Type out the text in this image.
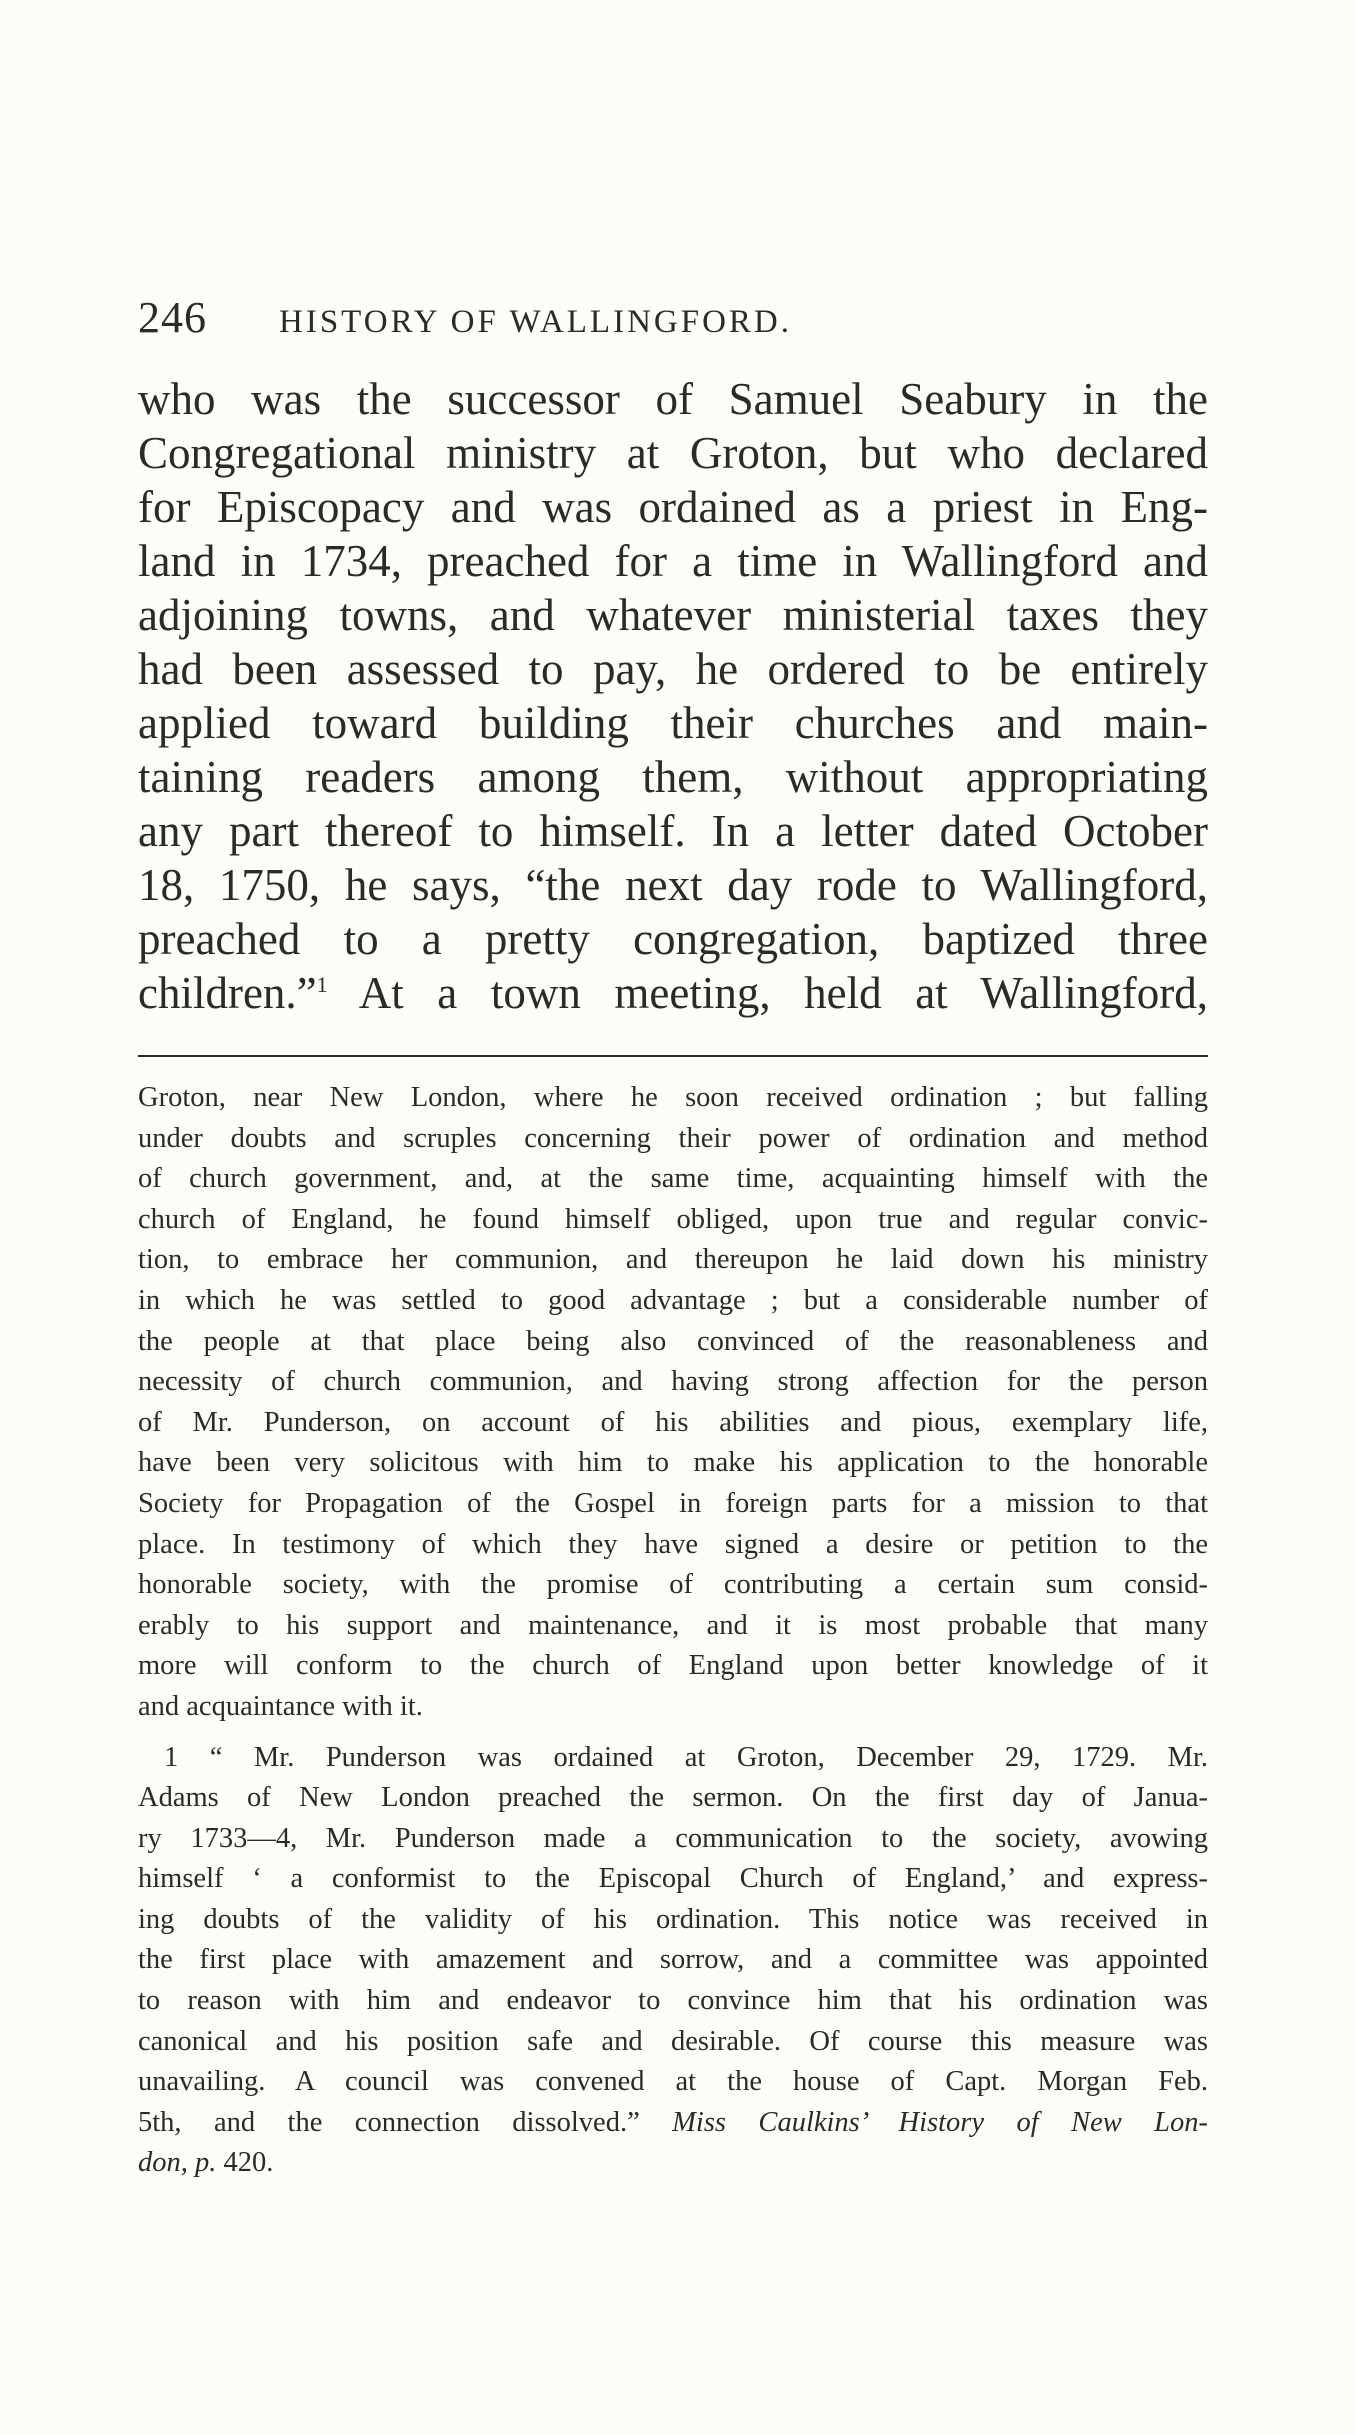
246 HISTORY OF WALLINGFORD.
who was the successor of Samuel Seabury in the
Congregational ministry at Groton, but who declared
for Episcopacy and was ordained as a priest in Eng-
land in 1734, preached for a time in Wallingford and
adjoining towns, and whatever ministerial taxes they
had been assessed to pay, he ordered to be entirely
applied toward building their churches and main-
taining readers among them, without appropriating
any part thereof to himself. In a letter dated October
18, 1750, he says, “the next day rode to Wallingford,
preached to a pretty congregation, baptized three
children.”$^1$ At a town meeting, held at Wallingford,
Groton, near New London, where he soon received ordination ; but falling
under doubts and scruples concerning their power of ordination and method
of church government, and, at the same time, acquainting himself with the
church of England, he found himself obliged, upon true and regular convic-
tion, to embrace her communion, and thereupon he laid down his ministry
in which he was settled to good advantage ; but a considerable number of
the people at that place being also convinced of the reasonableness and
necessity of church communion, and having strong affection for the person
of Mr. Punderson, on account of his abilities and pious, exemplary life,
have been very solicitous with him to make his application to the honorable
Society for Propagation of the Gospel in foreign parts for a mission to that
place. In testimony of which they have signed a desire or petition to the
honorable society, with the promise of contributing a certain sum consid-
erably to his support and maintenance, and it is most probable that many
more will conform to the church of England upon better knowledge of it
and acquaintance with it.
1 “ Mr. Punderson was ordained at Groton, December 29, 1729. Mr.
Adams of New London preached the sermon. On the first day of Janua-
ry 1733—4, Mr. Punderson made a communication to the society, avowing
himself ‘ a conformist to the Episcopal Church of England,’ and express-
ing doubts of the validity of his ordination. This notice was received in
the first place with amazement and sorrow, and a committee was appointed
to reason with him and endeavor to convince him that his ordination was
canonical and his position safe and desirable. Of course this measure was
unavailing. A council was convened at the house of Capt. Morgan Feb.
5th, and the connection dissolved.” Miss Caulkins’ History of New Lon-
don, p. 420.
